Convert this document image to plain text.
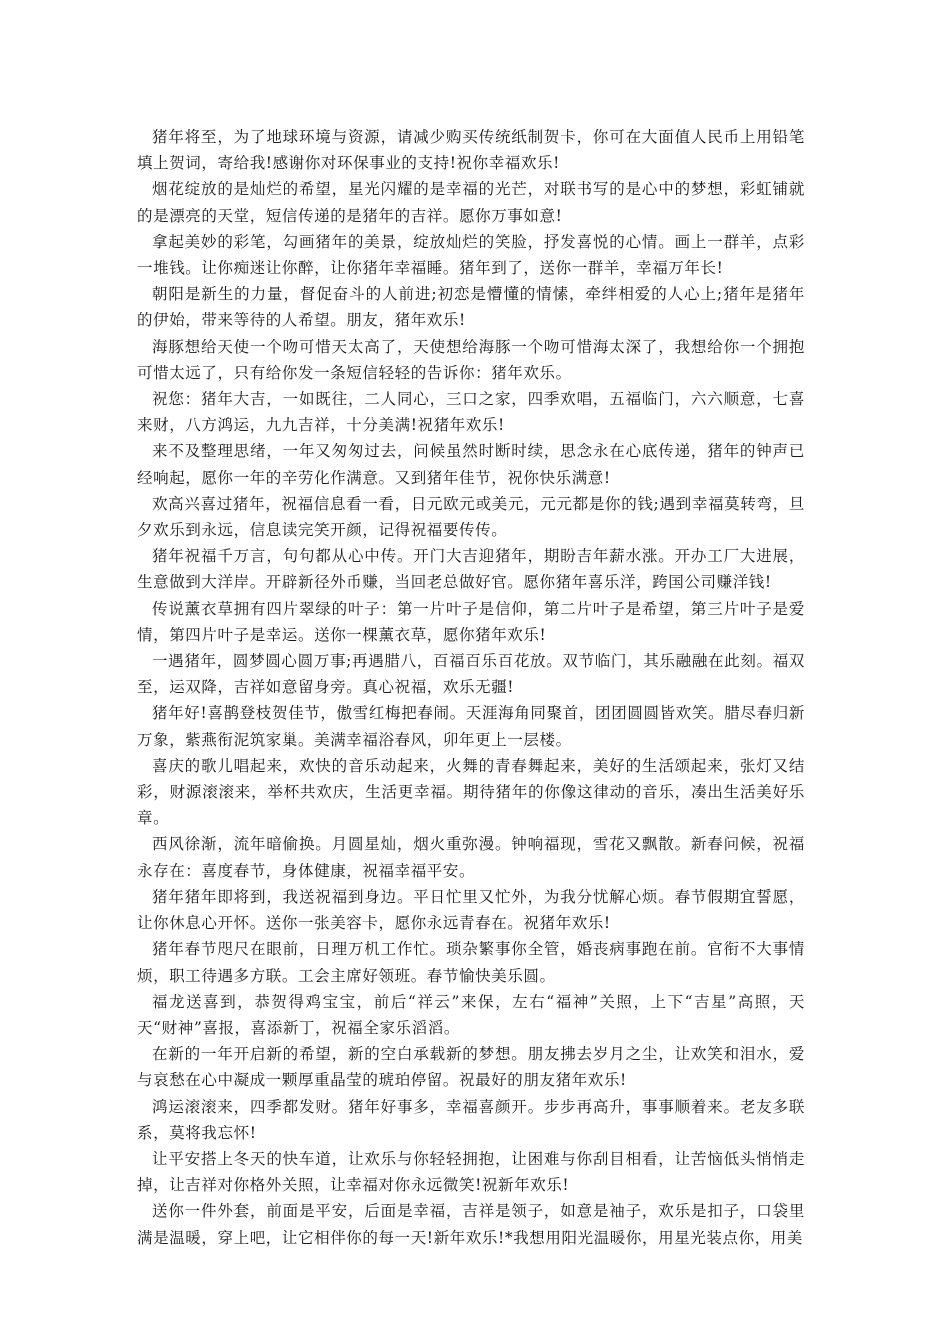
猪年将至，为了地球环境与资源，请减少购买传统纸制贺卡，你可在大面值人民币上用铅笔填上贺词，寄给我!感谢你对环保事业的支持!祝你幸福欢乐!

烟花绽放的是灿烂的希望，星光闪耀的是幸福的光芒，对联书写的是心中的梦想，彩虹铺就的是漂亮的天堂，短信传递的是猪年的吉祥。愿你万事如意!

拿起美妙的彩笔，勾画猪年的美景，绽放灿烂的笑脸，抒发喜悦的心情。画上一群羊，点彩一堆钱。让你痴迷让你醉，让你猪年幸福睡。猪年到了，送你一群羊，幸福万年长!

朝阳是新生的力量，督促奋斗的人前进;初恋是懵懂的情愫，牵绊相爱的人心上;猪年是猪年的伊始，带来等待的人希望。朋友，猪年欢乐!

海豚想给天使一个吻可惜天太高了，天使想给海豚一个吻可惜海太深了，我想给你一个拥抱可惜太远了，只有给你发一条短信轻轻的告诉你：猪年欢乐。

祝您：猪年大吉，一如既往，二人同心，三口之家，四季欢唱，五福临门，六六顺意，七喜来财，八方鸿运，九九吉祥，十分美满!祝猪年欢乐!

来不及整理思绪，一年又匆匆过去，问候虽然时断时续，思念永在心底传递，猪年的钟声已经响起，愿你一年的辛劳化作满意。又到猪年佳节，祝你快乐满意!

欢高兴喜过猪年，祝福信息看一看，日元欧元或美元，元元都是你的钱;遇到幸福莫转弯，旦夕欢乐到永远，信息读完笑开颜，记得祝福要传传。

猪年祝福千万言，句句都从心中传。开门大吉迎猪年，期盼吉年薪水涨。开办工厂大进展，生意做到大洋岸。开辟新径外币赚，当回老总做好官。愿你猪年喜乐洋，跨国公司赚洋钱!

传说薰衣草拥有四片翠绿的叶子：第一片叶子是信仰，第二片叶子是希望，第三片叶子是爱情，第四片叶子是幸运。送你一棵薰衣草，愿你猪年欢乐!

一遇猪年，圆梦圆心圆万事;再遇腊八，百福百乐百花放。双节临门，其乐融融在此刻。福双至，运双降，吉祥如意留身旁。真心祝福，欢乐无疆!

猪年好!喜鹊登枝贺佳节，傲雪红梅把春闹。天涯海角同聚首，团团圆圆皆欢笑。腊尽春归新万象，紫燕衔泥筑家巢。美满幸福浴春风，卯年更上一层楼。

喜庆的歌儿唱起来，欢快的音乐动起来，火舞的青春舞起来，美好的生活颂起来，张灯又结彩，财源滚滚来，举杯共欢庆，生活更幸福。期待猪年的你像这律动的音乐，凑出生活美好乐章。

西风徐渐，流年暗偷换。月圆星灿，烟火重弥漫。钟响福现，雪花又飘散。新春问候，祝福永存在：喜度春节，身体健康，祝福幸福平安。

猪年猪年即将到，我送祝福到身边。平日忙里又忙外，为我分忧解心烦。春节假期宜誓愿，让你休息心开怀。送你一张美容卡，愿你永远青春在。祝猪年欢乐!

猪年春节咫尺在眼前，日理万机工作忙。琐杂繁事你全管，婚丧病事跑在前。官衔不大事情烦，职工待遇多方联。工会主席好领班。春节愉快美乐圆。

福龙送喜到，恭贺得鸡宝宝，前后“祥云”来保，左右“福神”关照，上下“吉星”高照，天天“财神”喜报，喜添新丁，祝福全家乐滔滔。

在新的一年开启新的希望，新的空白承载新的梦想。朋友拂去岁月之尘，让欢笑和泪水，爱与哀愁在心中凝成一颗厚重晶莹的琥珀停留。祝最好的朋友猪年欢乐!

鸿运滚滚来，四季都发财。猪年好事多，幸福喜颜开。步步再高升，事事顺着来。老友多联系，莫将我忘怀!

让平安搭上冬天的快车道，让欢乐与你轻轻拥抱，让困难与你刮目相看，让苦恼低头悄悄走掉，让吉祥对你格外关照，让幸福对你永远微笑!祝新年欢乐!

送你一件外套，前面是平安，后面是幸福，吉祥是领子，如意是袖子，欢乐是扣子，口袋里满是温暖，穿上吧，让它相伴你的每一天!新年欢乐!*我想用阳光温暖你，用星光装点你，用美
